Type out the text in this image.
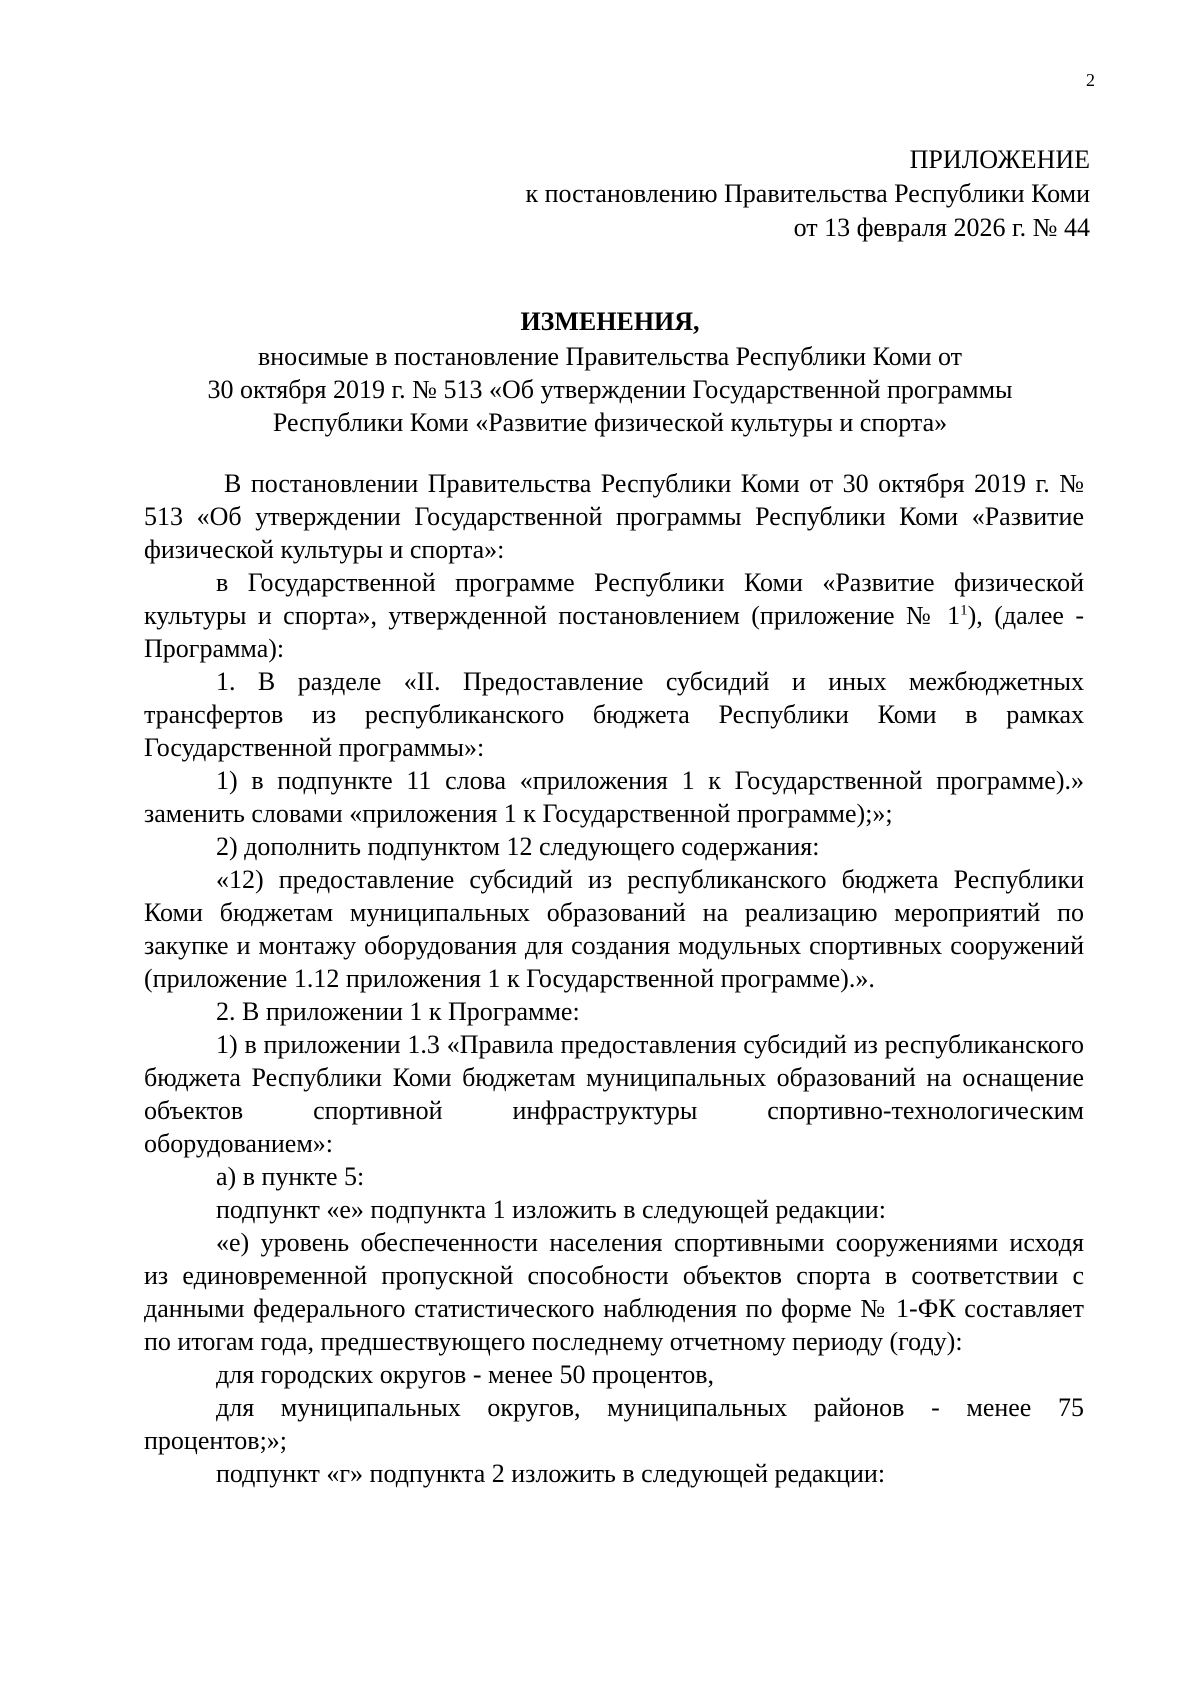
2
ПРИЛОЖЕНИЕ
к постановлению Правительства Республики Коми
от 13 февраля 2026 г. № 44
ИЗМЕНЕНИЯ,
вносимые в постановление Правительства Республики Коми от
30 октября 2019 г. № 513 «Об утверждении Государственной программы
Республики Коми «Развитие физической культуры и спорта»

В постановлении Правительства Республики Коми от 30 октября 2019 г. № 513 «Об утверждении Государственной программы Республики Коми «Развитие физической культуры и спорта»:

в Государственной программе Республики Коми «Развитие физической культуры и спорта», утвержденной постановлением (приложение № $1^1$), (далее - Программа):

1. В разделе «II. Предоставление субсидий и иных межбюджетных трансфертов из республиканского бюджета Республики Коми в рамках Государственной программы»:

1) в подпункте 11 слова «приложения 1 к Государственной программе).» заменить словами «приложения 1 к Государственной программе);»;

2) дополнить подпунктом 12 следующего содержания:

«12) предоставление субсидий из республиканского бюджета Республики Коми бюджетам муниципальных образований на реализацию мероприятий по закупке и монтажу оборудования для создания модульных спортивных сооружений (приложение 1.12 приложения 1 к Государственной программе).».

2. В приложении 1 к Программе:

1) в приложении 1.3 «Правила предоставления субсидий из республиканского бюджета Республики Коми бюджетам муниципальных образований на оснащение объектов спортивной инфраструктуры спортивно-технологическим оборудованием»:

а) в пункте 5:

подпункт «е» подпункта 1 изложить в следующей редакции:

«е) уровень обеспеченности населения спортивными сооружениями исходя из единовременной пропускной способности объектов спорта в соответствии с данными федерального статистического наблюдения по форме № 1-ФК составляет по итогам года, предшествующего последнему отчетному периоду (году):

для городских округов - менее 50 процентов,

для муниципальных округов, муниципальных районов - менее 75 процентов;»;

подпункт «г» подпункта 2 изложить в следующей редакции:
